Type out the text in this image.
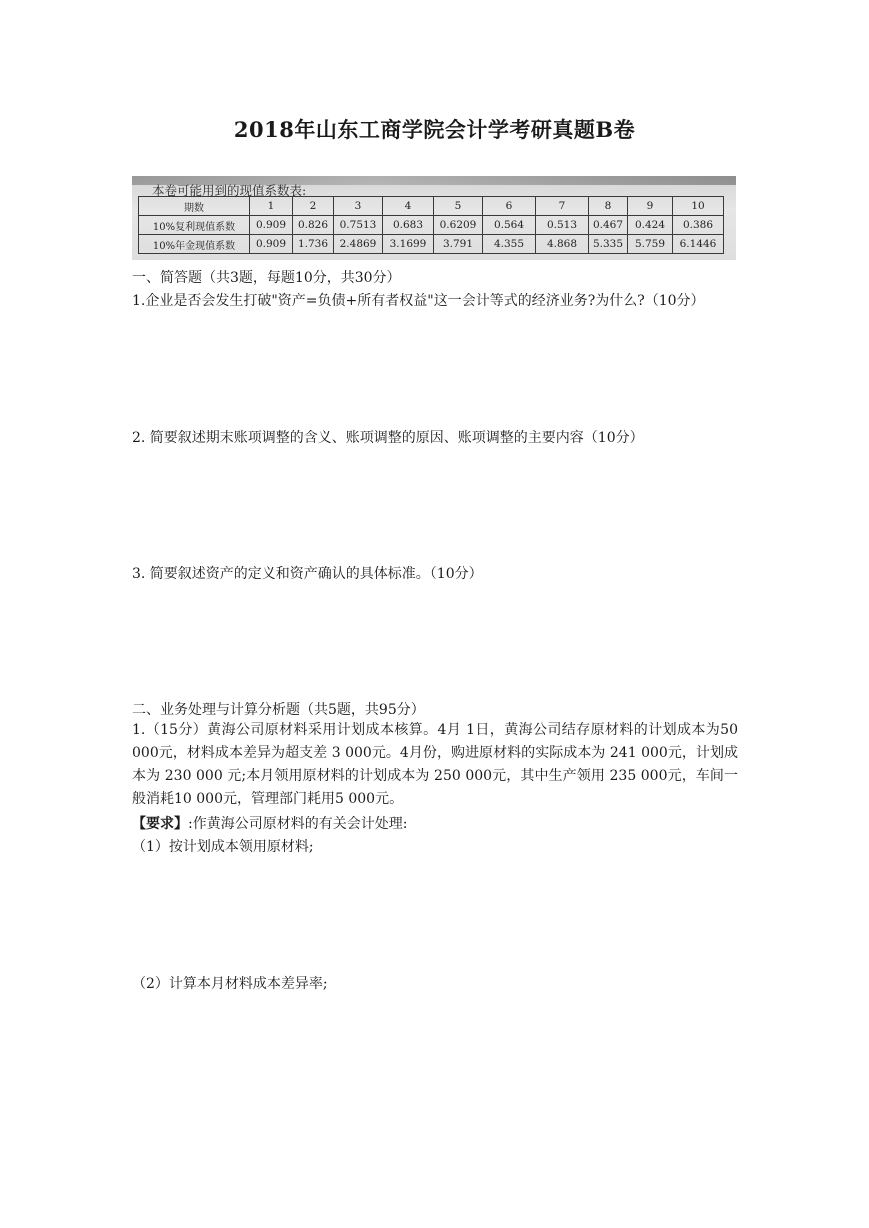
2018年山东工商学院会计学考研真题B卷
本卷可能用到的现值系数表:
期数	1	2	3	4	5	6	7	8	9	10
10%复利现值系数	0.909	0.826	0.7513	0.683	0.6209	0.564	0.513	0.467	0.424	0.386
10%年金现值系数	0.909	1.736	2.4869	3.1699	3.791	4.355	4.868	5.335	5.759	6.1446
一、简答题（共3题，每题10分，共30分）
1.企业是否会发生打破"资产=负债+所有者权益"这一会计等式的经济业务?为什么?（10分）
2. 简要叙述期末账项调整的含义、账项调整的原因、账项调整的主要内容（10分）
3. 简要叙述资产的定义和资产确认的具体标准。（10分）
二、业务处理与计算分析题（共5题，共95分）
1.（15分）黄海公司原材料采用计划成本核算。4月 1日，黄海公司结存原材料的计划成本为50 000元，材料成本差异为超支差 3 000元。4月份，购进原材料的实际成本为 241 000元，计划成本为 230 000 元;本月领用原材料的计划成本为 250 000元，其中生产领用 235 000元，车间一般消耗10 000元，管理部门耗用5 000元。
【要求】:作黄海公司原材料的有关会计处理:
（1）按计划成本领用原材料;
（2）计算本月材料成本差异率;
